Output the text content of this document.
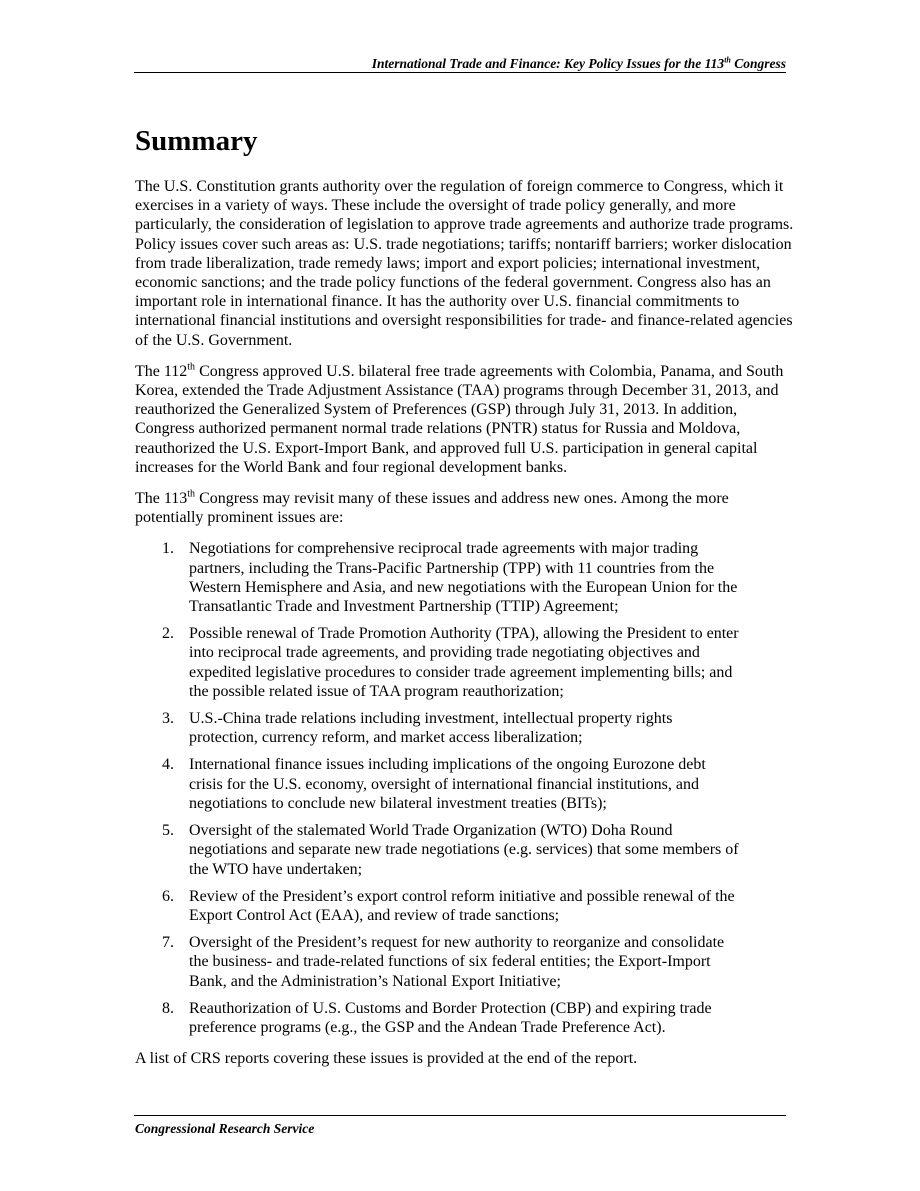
International Trade and Finance: Key Policy Issues for the 113th Congress
Summary

The U.S. Constitution grants authority over the regulation of foreign commerce to Congress, which it exercises in a variety of ways. These include the oversight of trade policy generally, and more particularly, the consideration of legislation to approve trade agreements and authorize trade programs. Policy issues cover such areas as: U.S. trade negotiations; tariffs; nontariff barriers; worker dislocation from trade liberalization, trade remedy laws; import and export policies; international investment, economic sanctions; and the trade policy functions of the federal government. Congress also has an important role in international finance. It has the authority over U.S. financial commitments to international financial institutions and oversight responsibilities for trade- and finance-related agencies of the U.S. Government.

The 112th Congress approved U.S. bilateral free trade agreements with Colombia, Panama, and South Korea, extended the Trade Adjustment Assistance (TAA) programs through December 31, 2013, and reauthorized the Generalized System of Preferences (GSP) through July 31, 2013. In addition, Congress authorized permanent normal trade relations (PNTR) status for Russia and Moldova, reauthorized the U.S. Export-Import Bank, and approved full U.S. participation in general capital increases for the World Bank and four regional development banks.

The 113th Congress may revisit many of these issues and address new ones. Among the more potentially prominent issues are:

1. Negotiations for comprehensive reciprocal trade agreements with major trading partners, including the Trans-Pacific Partnership (TPP) with 11 countries from the Western Hemisphere and Asia, and new negotiations with the European Union for the Transatlantic Trade and Investment Partnership (TTIP) Agreement;
2. Possible renewal of Trade Promotion Authority (TPA), allowing the President to enter into reciprocal trade agreements, and providing trade negotiating objectives and expedited legislative procedures to consider trade agreement implementing bills; and the possible related issue of TAA program reauthorization;
3. U.S.-China trade relations including investment, intellectual property rights protection, currency reform, and market access liberalization;
4. International finance issues including implications of the ongoing Eurozone debt crisis for the U.S. economy, oversight of international financial institutions, and negotiations to conclude new bilateral investment treaties (BITs);
5. Oversight of the stalemated World Trade Organization (WTO) Doha Round negotiations and separate new trade negotiations (e.g. services) that some members of the WTO have undertaken;
6. Review of the President’s export control reform initiative and possible renewal of the Export Control Act (EAA), and review of trade sanctions;
7. Oversight of the President’s request for new authority to reorganize and consolidate the business- and trade-related functions of six federal entities; the Export-Import Bank, and the Administration’s National Export Initiative;
8. Reauthorization of U.S. Customs and Border Protection (CBP) and expiring trade preference programs (e.g., the GSP and the Andean Trade Preference Act).

A list of CRS reports covering these issues is provided at the end of the report.

Congressional Research Service
